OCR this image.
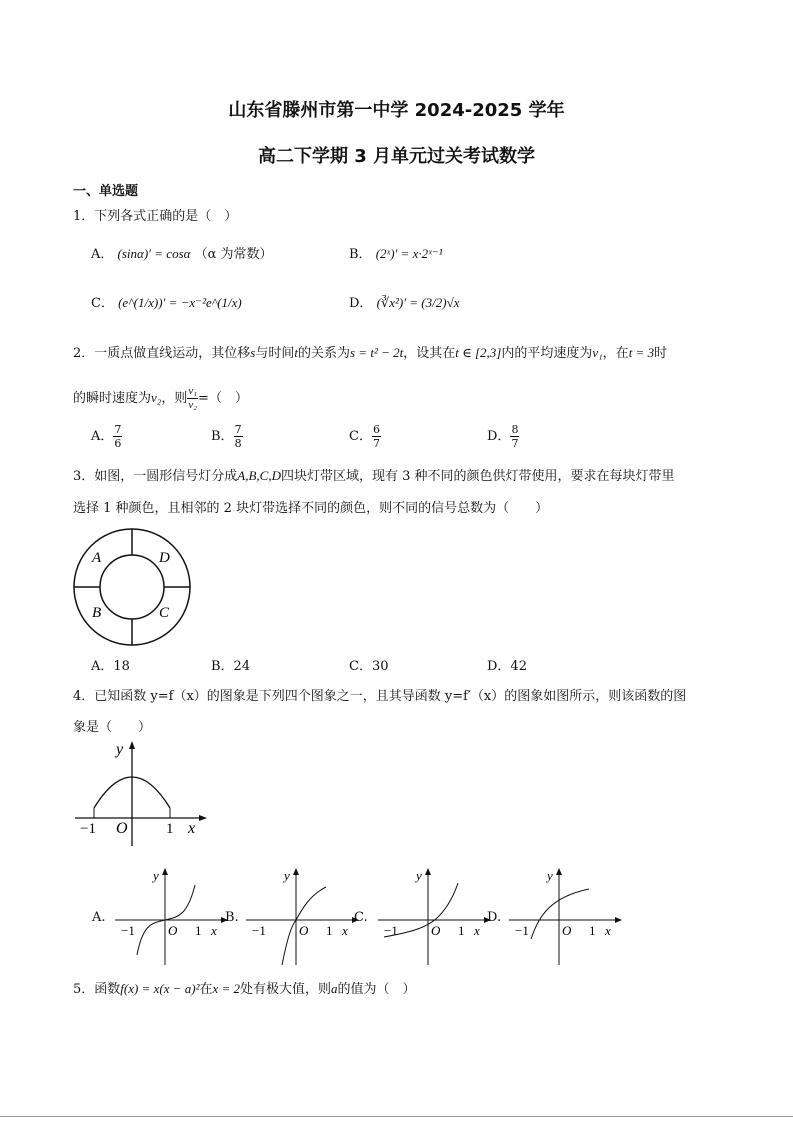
山东省滕州市第一中学 2024-2025 学年
高二下学期 3 月单元过关考试数学
一、单选题
1．下列各式正确的是（　）
A． (sinα)′ = cosα （α 为常数）	B． (2ˣ)′ = x·2ˣ⁻¹
C． (e^(1/x))′ = −x⁻²e^(1/x)	D． (∛x²)′ = (3/2)√x
2．一质点做直线运动，其位移s与时间t的关系为s = t² − 2t，设其在t ∈ [2,3]内的平均速度为v₁，在t = 3时
的瞬时速度为v₂，则 $\frac{\text{v₁}}{\text{v₂}}$ =（　）
A． $\frac{7}{6}$	B． $\frac{7}{8}$	C． $\frac{6}{7}$	D． $\frac{8}{7}$
3．如图，一圆形信号灯分成A,B,C,D四块灯带区域，现有 3 种不同的颜色供灯带使用，要求在每块灯带里
选择 1 种颜色，且相邻的 2 块灯带选择不同的颜色，则不同的信号总数为（　　）
A	D
B	C
A．18	B．24	C．30	D．42
4．已知函数 y=f（x）的图象是下列四个图象之一，且其导函数 y=f′（x）的图象如图所示，则该函数的图
象是（　　）
y
x
O
−1	1
A.
y
x
O
−1	1
B.
y
x
O
−1	1
C.
y
x
O
−1	1
D.
y
x
O
−1	1
5．函数f(x) = x(x − a)²在x = 2处有极大值，则a的值为（　）
